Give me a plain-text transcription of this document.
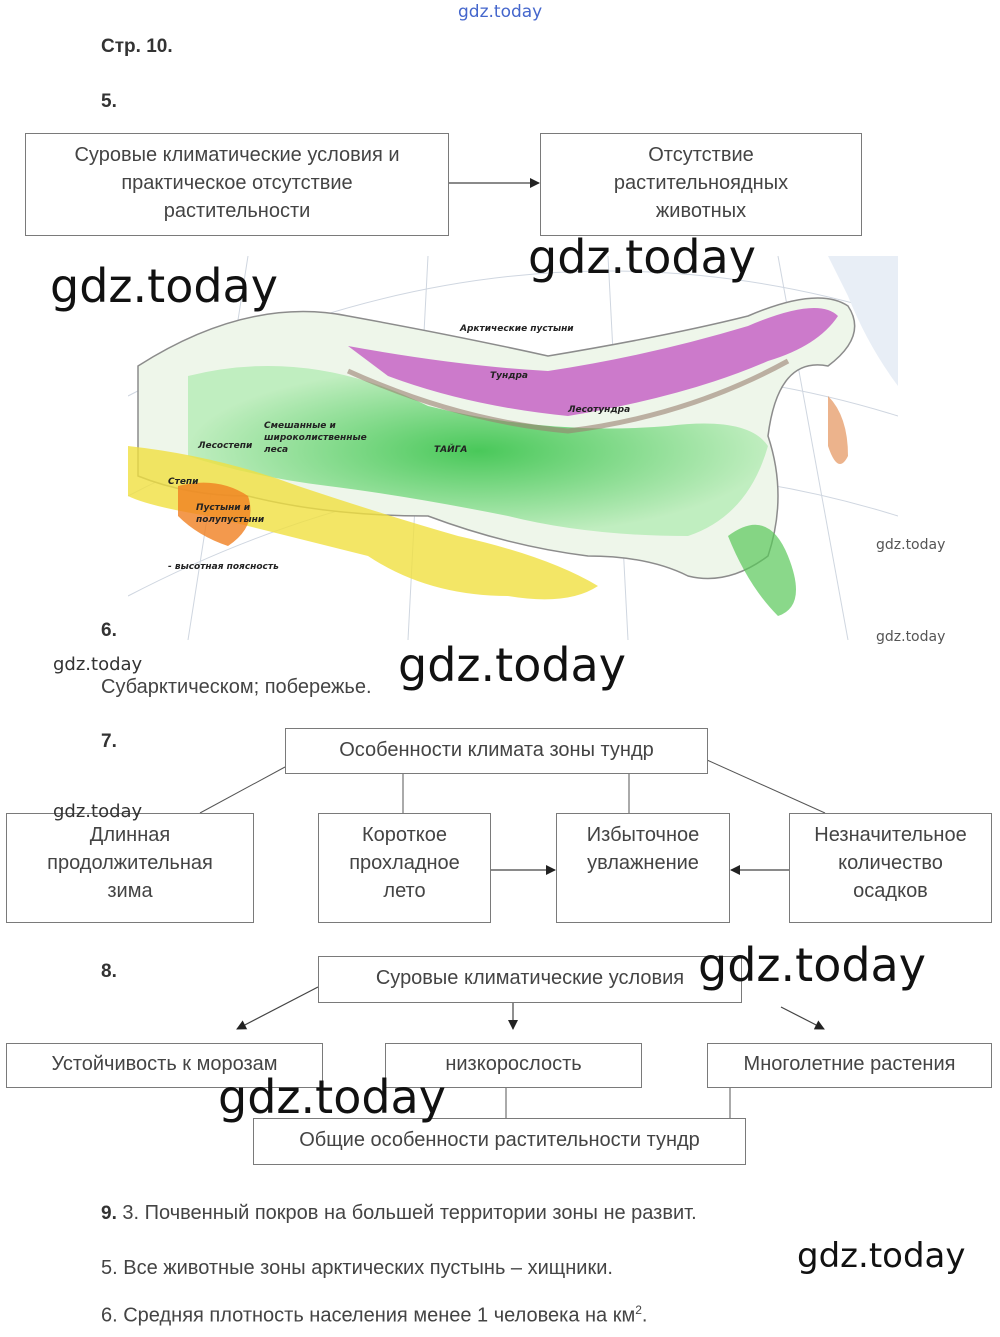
gdz.today
Стр. 10.
5.
Суровые климатические условия и
практическое отсутствие
растительности
Отсутствие
растительноядных
животных
Арктические пустыни
Тундра
Лесотундра
ТАЙГА
Смешанные и
широколиственные
леса
Лесостепи
Степи
Пустыни и
полупустыни
- высотная поясность
gdz.today
gdz.today
gdz.today
gdz.today
6.
gdz.today
Субарктическом; побережье. gdz.today
7.	Особенности климата зоны тундр
Длинная
продолжительная
зима
Короткое
прохладное
лето
Избыточное
увлажнение
Незначительное
количество
осадков
gdz.today
8.	Суровые климатические условия
Устойчивость к морозам	низкорослость	Многолетние растения
Общие особенности растительности тундр
gdz.today
gdz.today
9. 3. Почвенный покров на большей территории зоны не развит.
5. Все животные зоны арктических пустынь – хищники.	gdz.today
6. Средняя плотность населения менее 1 человека на $км^2$.
